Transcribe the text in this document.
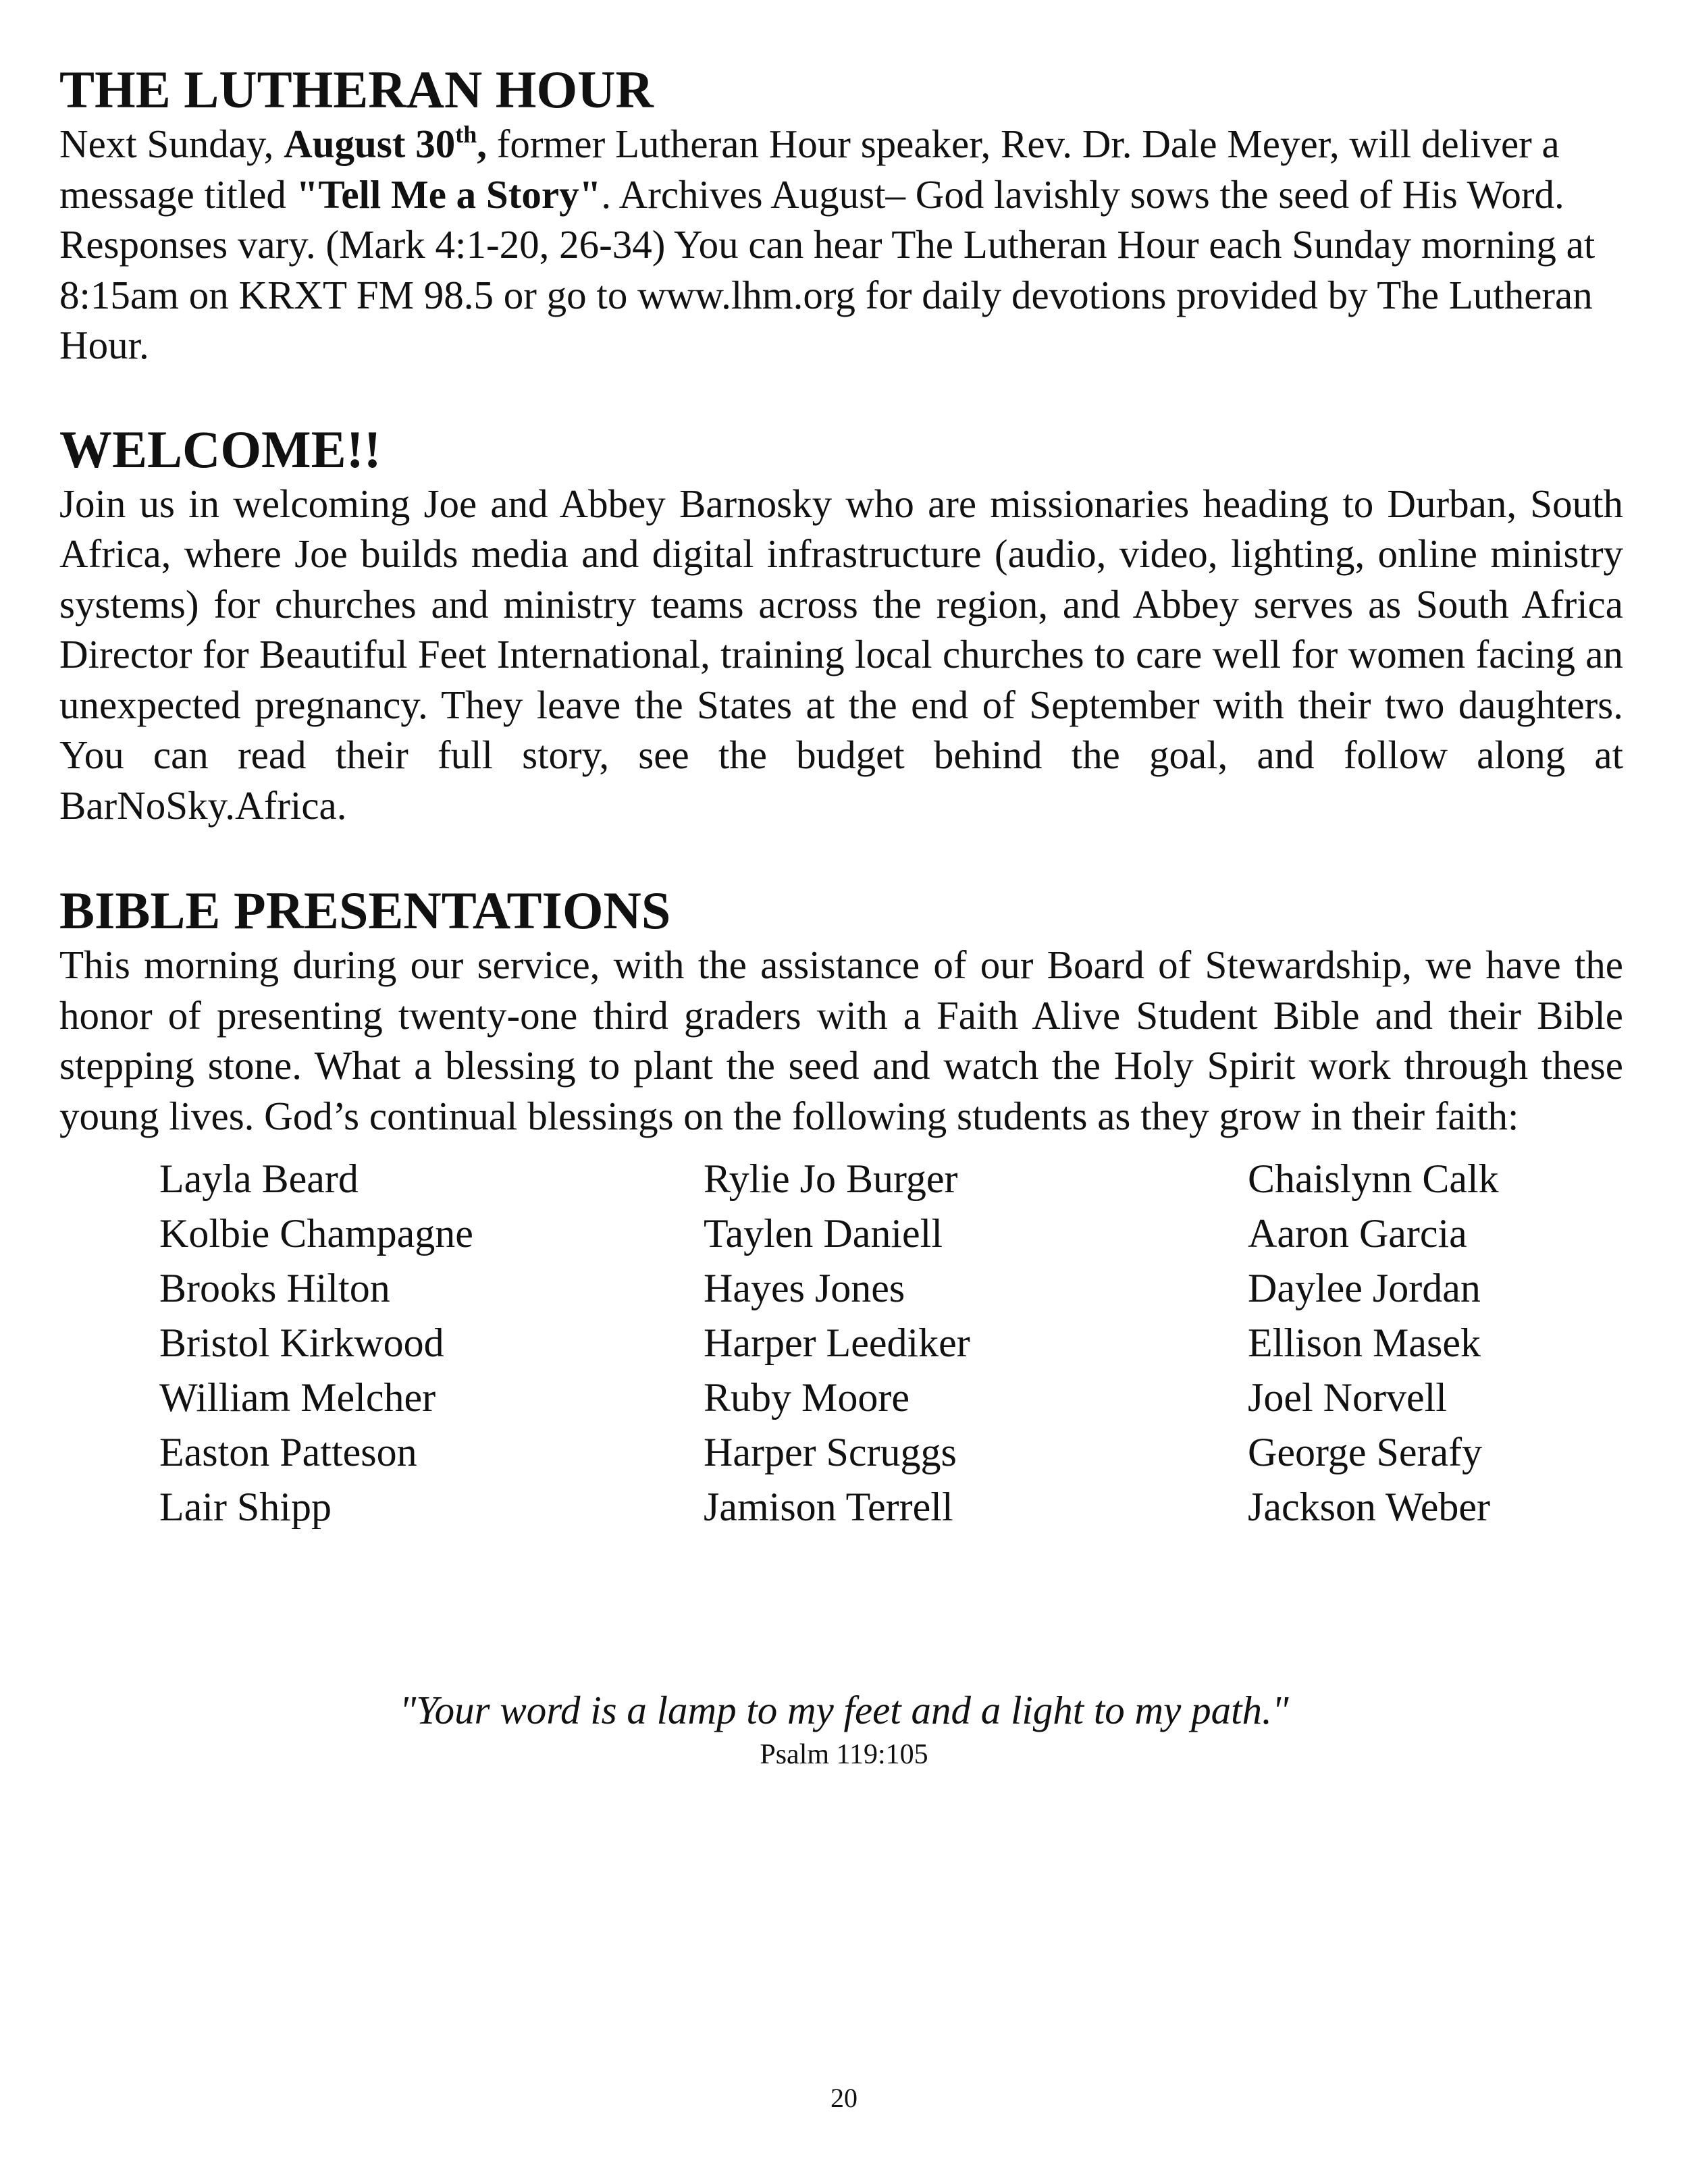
THE LUTHERAN HOUR

Next Sunday, August 30th, former Lutheran Hour speaker, Rev. Dr. Dale Meyer, will deliver a message titled "Tell Me a Story". Archives August– God lavishly sows the seed of His Word. Responses vary. (Mark 4:1-20, 26-34) You can hear The Lutheran Hour each Sunday morning at 8:15am on KRXT FM 98.5 or go to www.lhm.org for daily devotions provided by The Lutheran Hour.

WELCOME!!

Join us in welcoming Joe and Abbey Barnosky who are missionaries heading to Durban, South Africa, where Joe builds media and digital infrastructure (audio, video, lighting, online ministry systems) for churches and ministry teams across the region, and Abbey serves as South Africa Director for Beautiful Feet International, training local churches to care well for women facing an unexpected pregnancy. They leave the States at the end of September with their two daughters. You can read their full story, see the budget behind the goal, and follow along at BarNoSky.Africa.

BIBLE PRESENTATIONS

This morning during our service, with the assistance of our Board of Stewardship, we have the honor of presenting twenty-one third graders with a Faith Alive Student Bible and their Bible stepping stone. What a blessing to plant the seed and watch the Holy Spirit work through these young lives. God’s continual blessings on the following students as they grow in their faith:

Layla Beard	Rylie Jo Burger	Chaislynn Calk
Kolbie Champagne	Taylen Daniell	Aaron Garcia
Brooks Hilton	Hayes Jones	Daylee Jordan
Bristol Kirkwood	Harper Leediker	Ellison Masek
William Melcher	Ruby Moore	Joel Norvell
Easton Patteson	Harper Scruggs	George Serafy
Lair Shipp	Jamison Terrell	Jackson Weber
"Your word is a lamp to my feet and a light to my path."
Psalm 119:105
20
